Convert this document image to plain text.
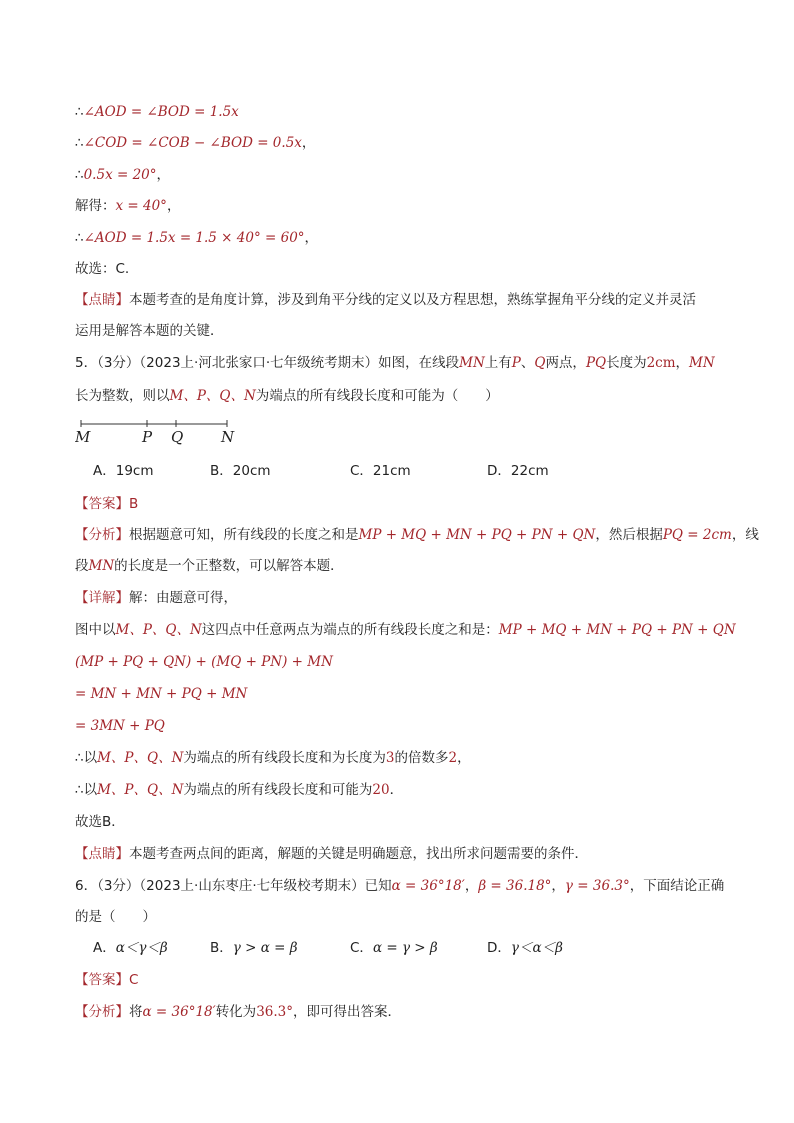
∴∠AOD = ∠BOD = 1.5x
∴∠COD = ∠COB − ∠BOD = 0.5x，
∴0.5x = 20°，
解得：x = 40°，
∴∠AOD = 1.5x = 1.5 × 40° = 60°，
故选：C.
【点睛】本题考查的是角度计算，涉及到角平分线的定义以及方程思想，熟练掌握角平分线的定义并灵活
运用是解答本题的关键．
5．（3分）（2023上·河北张家口·七年级统考期末）如图，在线段MN上有P、Q两点，PQ长度为2cm，MN
长为整数，则以M、P、Q、N为端点的所有线段长度和可能为（　　）
M	P Q	N
A．19cm	B．20cm	C．21cm	D．22cm
【答案】B
【分析】根据题意可知，所有线段的长度之和是MP + MQ + MN + PQ + PN + QN，然后根据PQ = 2cm，线
段MN的长度是一个正整数，可以解答本题．
【详解】解：由题意可得，
图中以M、P、Q、N这四点中任意两点为端点的所有线段长度之和是：MP + MQ + MN + PQ + PN + QN
(MP + PQ + QN) + (MQ + PN) + MN
= MN + MN + PQ + MN
= 3MN + PQ
∴以M、P、Q、N为端点的所有线段长度和为长度为3的倍数多2，
∴以M、P、Q、N为端点的所有线段长度和可能为20．
故选B．
【点睛】本题考查两点间的距离，解题的关键是明确题意，找出所求问题需要的条件．
6．（3分）（2023上·山东枣庄·七年级校考期末）已知α = 36°18′，β = 36.18°，γ = 36.3°，下面结论正确
的是（　　）
A．α＜γ＜β	B．γ > α = β	C．α = γ > β	D．γ＜α＜β
【答案】C
【分析】将α = 36°18′转化为36.3°，即可得出答案．
